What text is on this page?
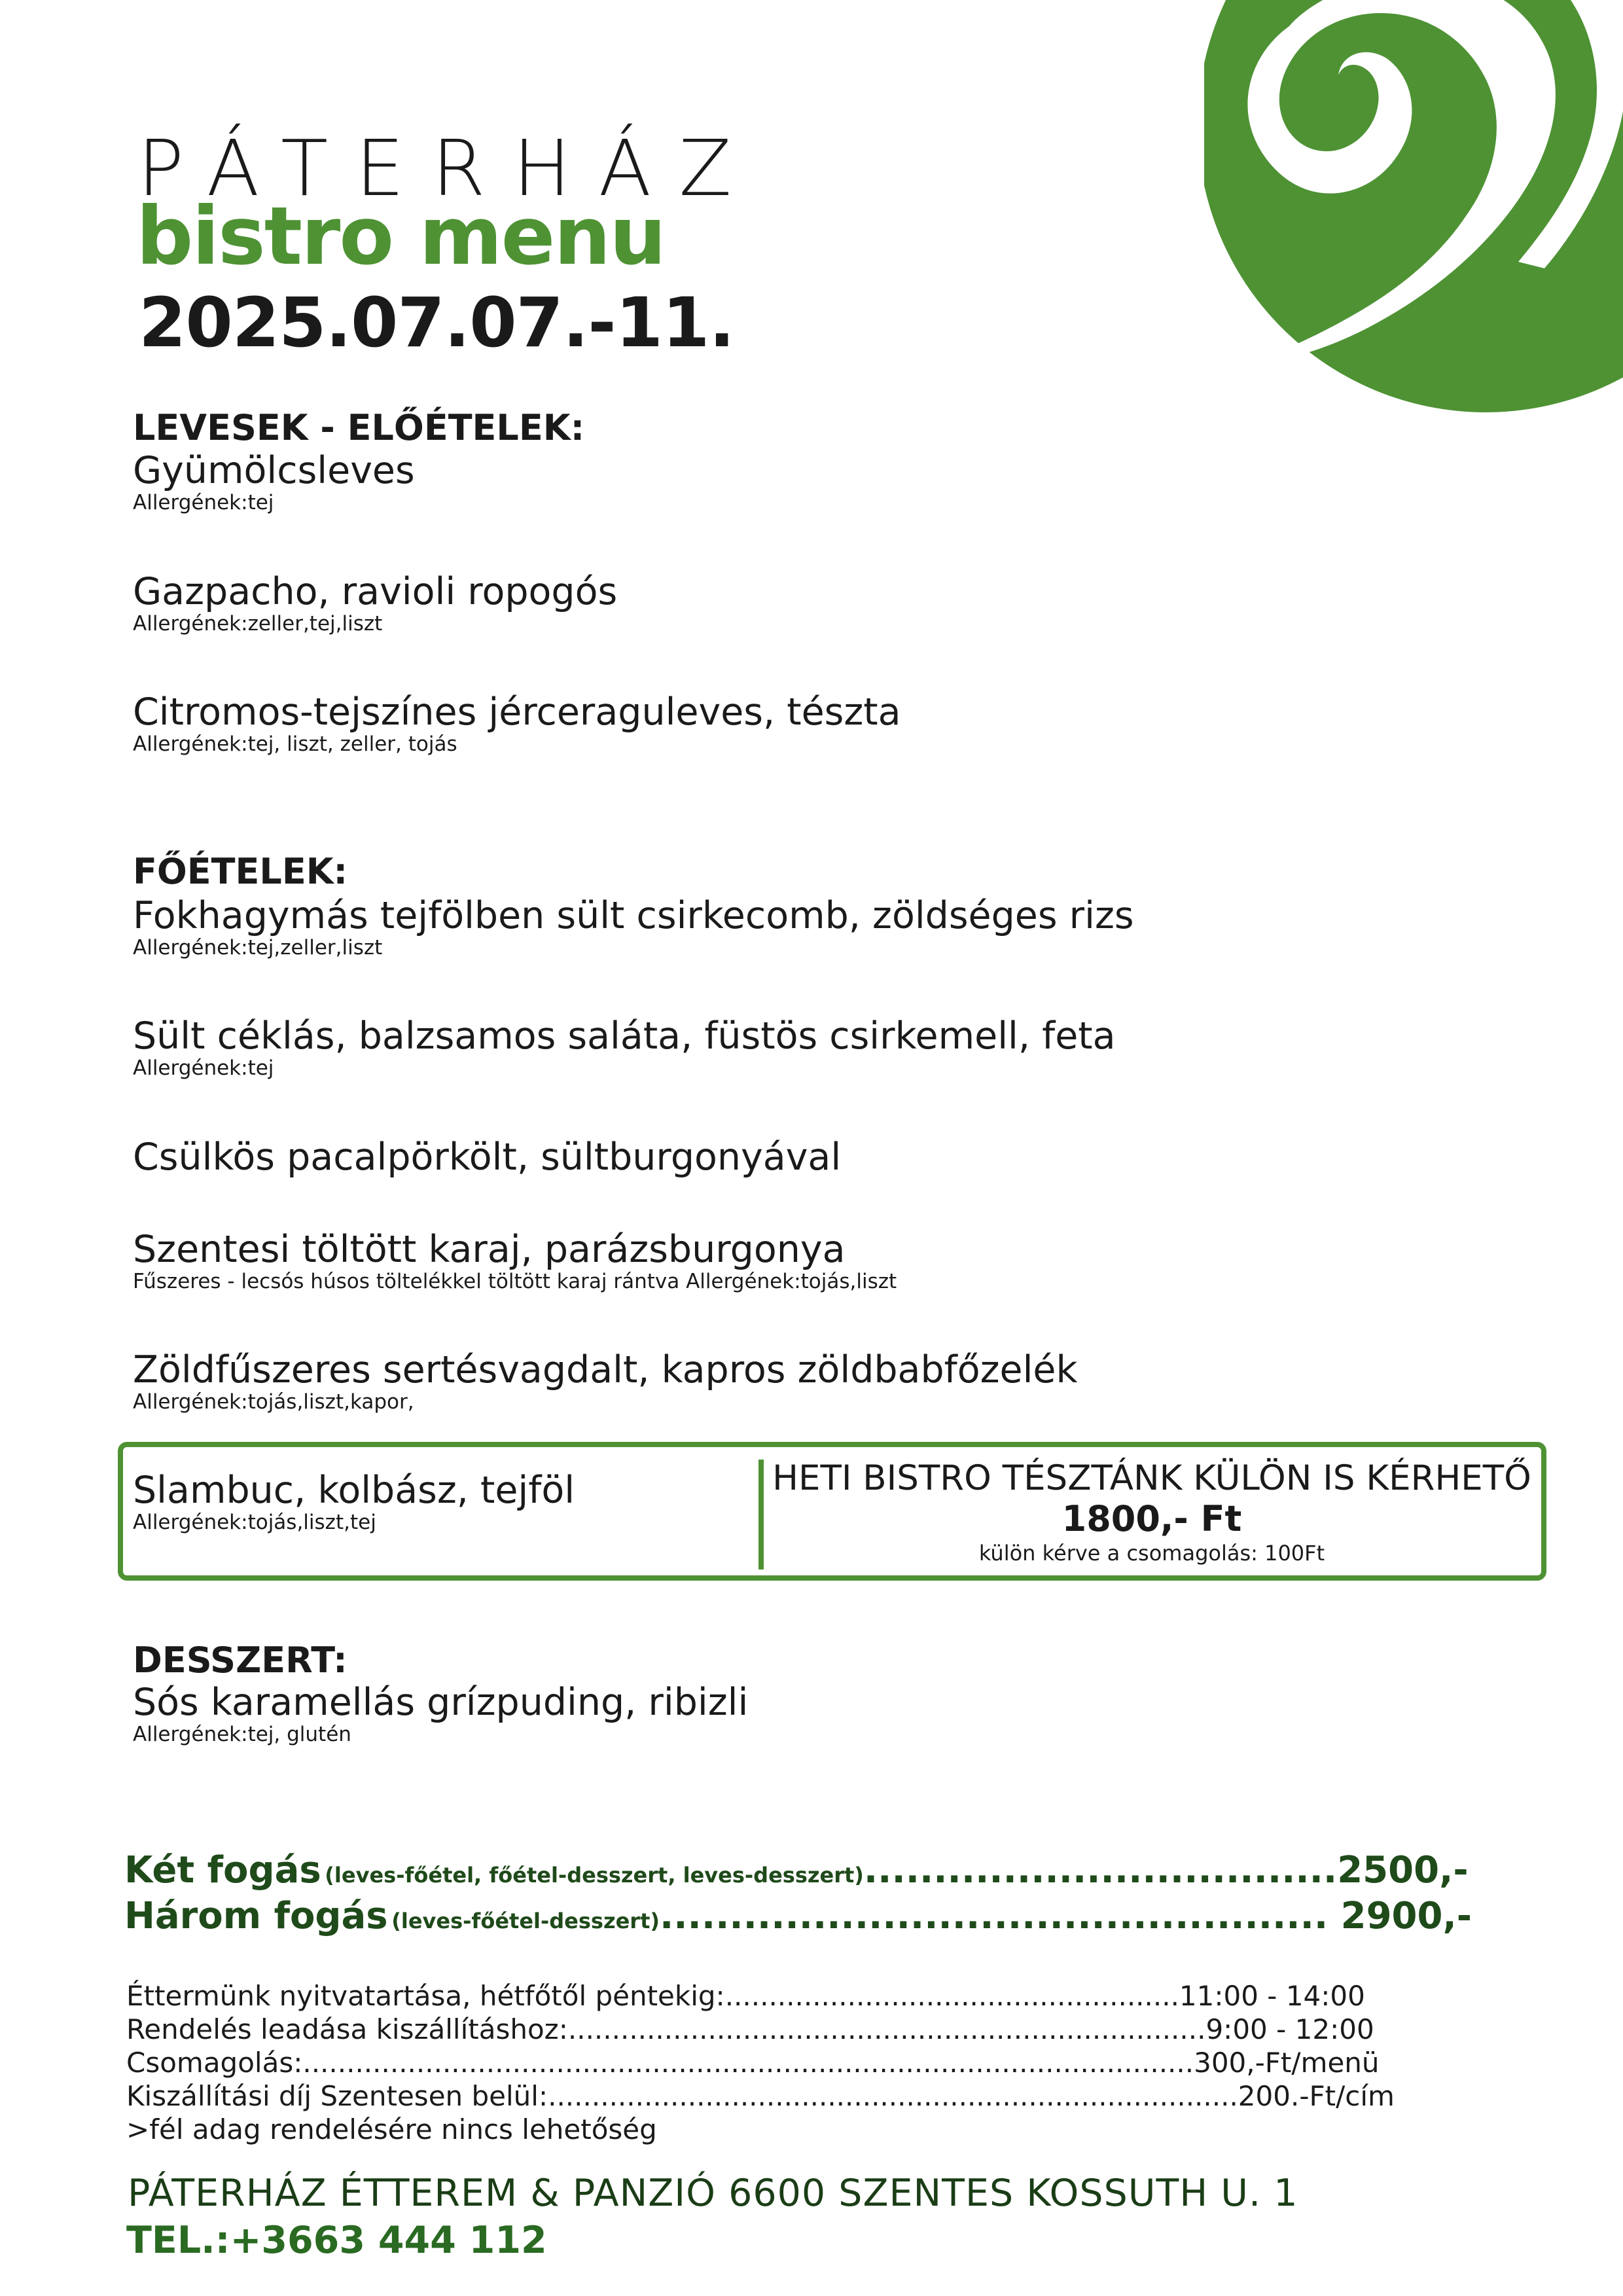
PÁTERHÁZ
bistro menu
2025.07.07.-11.
LEVESEK - ELŐÉTELEK:
Gyümölcsleves
Allergének:tej
Gazpacho, ravioli ropogós
Allergének:zeller,tej,liszt
Citromos-tejszínes jérceraguleves, tészta
Allergének:tej, liszt, zeller, tojás
FŐÉTELEK:
Fokhagymás tejfölben sült csirkecomb, zöldséges rizs
Allergének:tej,zeller,liszt
Sült céklás, balzsamos saláta, füstös csirkemell, feta
Allergének:tej
Csülkös pacalpörkölt, sültburgonyával
Szentesi töltött karaj, parázsburgonya
Fűszeres - lecsós húsos töltelékkel töltött karaj rántva Allergének:tojás,liszt
Zöldfűszeres sertésvagdalt, kapros zöldbabfőzelék
Allergének:tojás,liszt,kapor,
Slambuc, kolbász, tejföl
Allergének:tojás,liszt,tej
HETI BISTRO TÉSZTÁNK KÜLÖN IS KÉRHETŐ
1800,- Ft
külön kérve a csomagolás: 100Ft
DESSZERT:
Sós karamellás grízpuding, ribizli
Allergének:tej, glutén
Két fogás (leves-főétel, főétel-desszert, leves-desszert)..................................2500,-
Három fogás (leves-főétel-desszert)................................................ 2900,-
Éttermünk nyitvatartása, hétfőtől péntekig:....................................................11:00 - 14:00
Rendelés leadása kiszállításhoz:.........................................................................9:00 - 12:00
Csomagolás:......................................................................................................300,-Ft/menü
Kiszállítási díj Szentesen belül:...............................................................................200.-Ft/cím
>fél adag rendelésére nincs lehetőség
PÁTERHÁZ ÉTTEREM & PANZIÓ 6600 SZENTES KOSSUTH U. 1
TEL.:+3663 444 112
